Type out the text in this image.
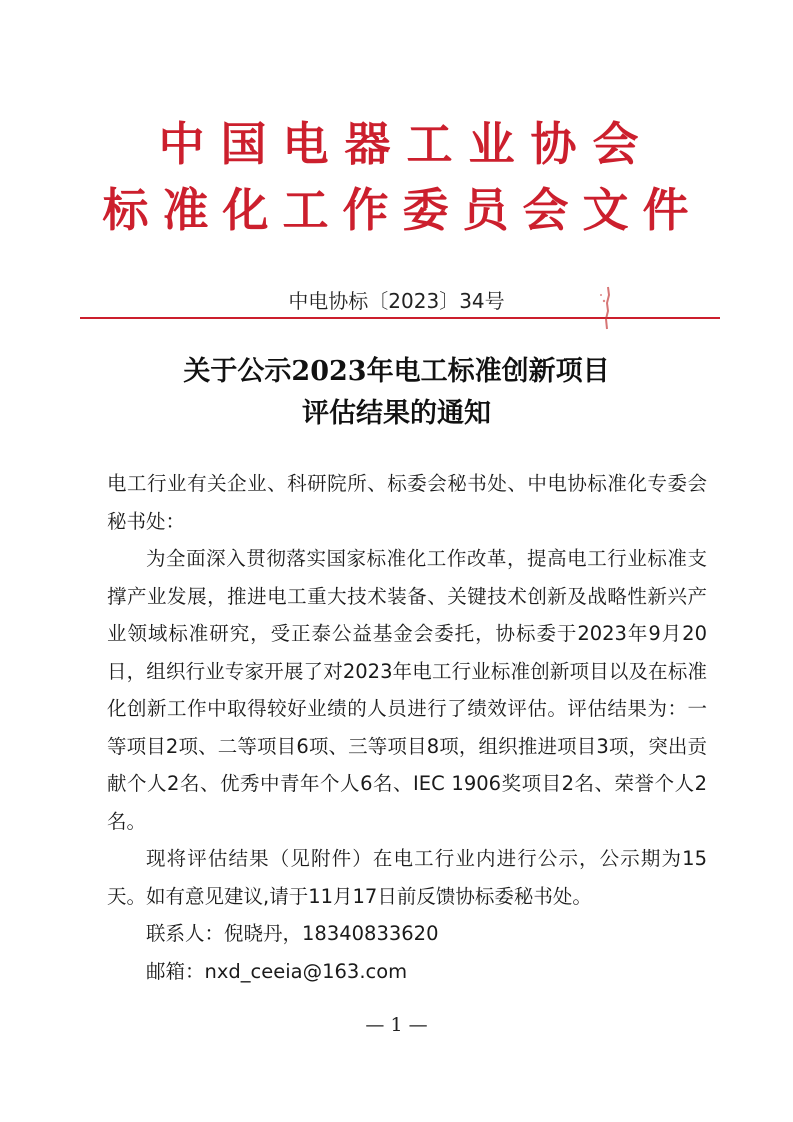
中国电器工业协会
标准化工作委员会文件
中电协标〔2023〕34号
关于公示2023年电工标准创新项目
评估结果的通知
电工行业有关企业、科研院所、标委会秘书处、中电协标准化专委会秘书处：
为全面深入贯彻落实国家标准化工作改革，提高电工行业标准支撑产业发展，推进电工重大技术装备、关键技术创新及战略性新兴产业领域标准研究，受正泰公益基金会委托，协标委于2023年9月20日，组织行业专家开展了对2023年电工行业标准创新项目以及在标准化创新工作中取得较好业绩的人员进行了绩效评估。评估结果为：一等项目2项、二等项目6项、三等项目8项，组织推进项目3项，突出贡献个人2名、优秀中青年个人6名、IEC 1906奖项目2名、荣誉个人2名。
现将评估结果（见附件）在电工行业内进行公示，公示期为15天。如有意见建议,请于11月17日前反馈协标委秘书处。
联系人：倪晓丹，18340833620
邮箱：nxd_ceeia@163.com
— 1 —
